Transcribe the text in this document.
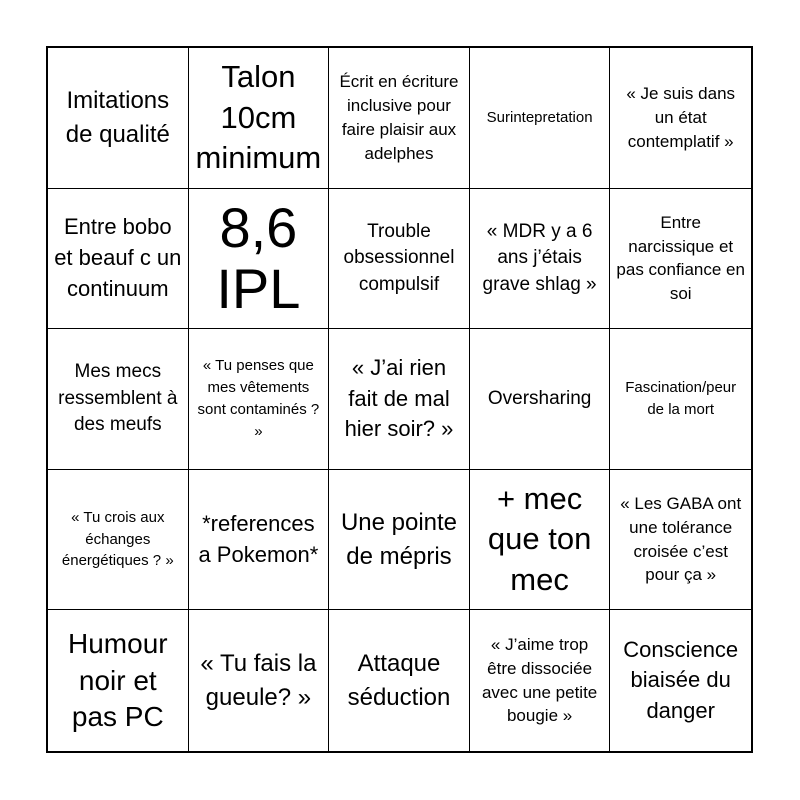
Imitations de qualité
Talon 10cm minimum
Écrit en écriture inclusive pour faire plaisir aux adelphes
Surintepretation
« Je suis dans un état contemplatif »
Entre bobo et beauf c un continuum
8,6 IPL
Trouble obsessionnel compulsif
« MDR y a 6 ans j’étais grave shlag »
Entre narcissique et pas confiance en soi
Mes mecs ressemblent à des meufs
« Tu penses que mes vêtements sont contaminés ? »
« J’ai rien fait de mal hier soir? »
Oversharing	Fascination/peur de la mort
« Tu crois aux échanges énergétiques ? »
*references a Pokemon*
Une pointe de mépris
+ mec que ton mec
« Les GABA ont une tolérance croisée c’est pour ça »
Humour noir et pas PC
« Tu fais la gueule? »
Attaque séduction
« J’aime trop être dissociée avec une petite bougie »
Conscience biaisée du danger
